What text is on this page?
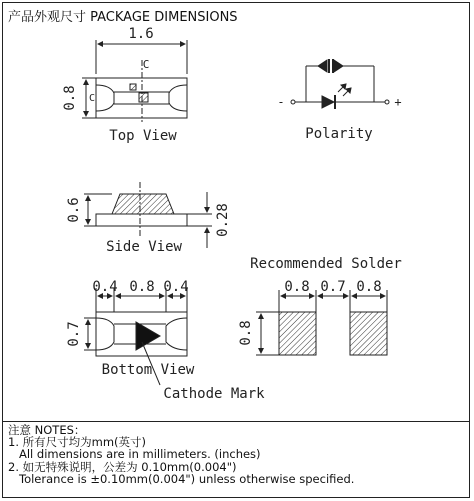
产品外观尺寸 PACKAGE DIMENSIONS
1.6
C
C
0.8
Top View
-	+
Polarity
0.6	0.28
Side View
Recommended Solder
0.8 0.7 0.8
0.8
0.4 0.8 0.4
0.7
Bottom View
Cathode Mark
注意 NOTES：
1. 所有尺寸均为mm(英寸)
All dimensions are in millimeters. (inches)
2. 如无特殊说明，公差为 0.10mm(0.004")
Tolerance is ±0.10mm(0.004") unless otherwise specified.
